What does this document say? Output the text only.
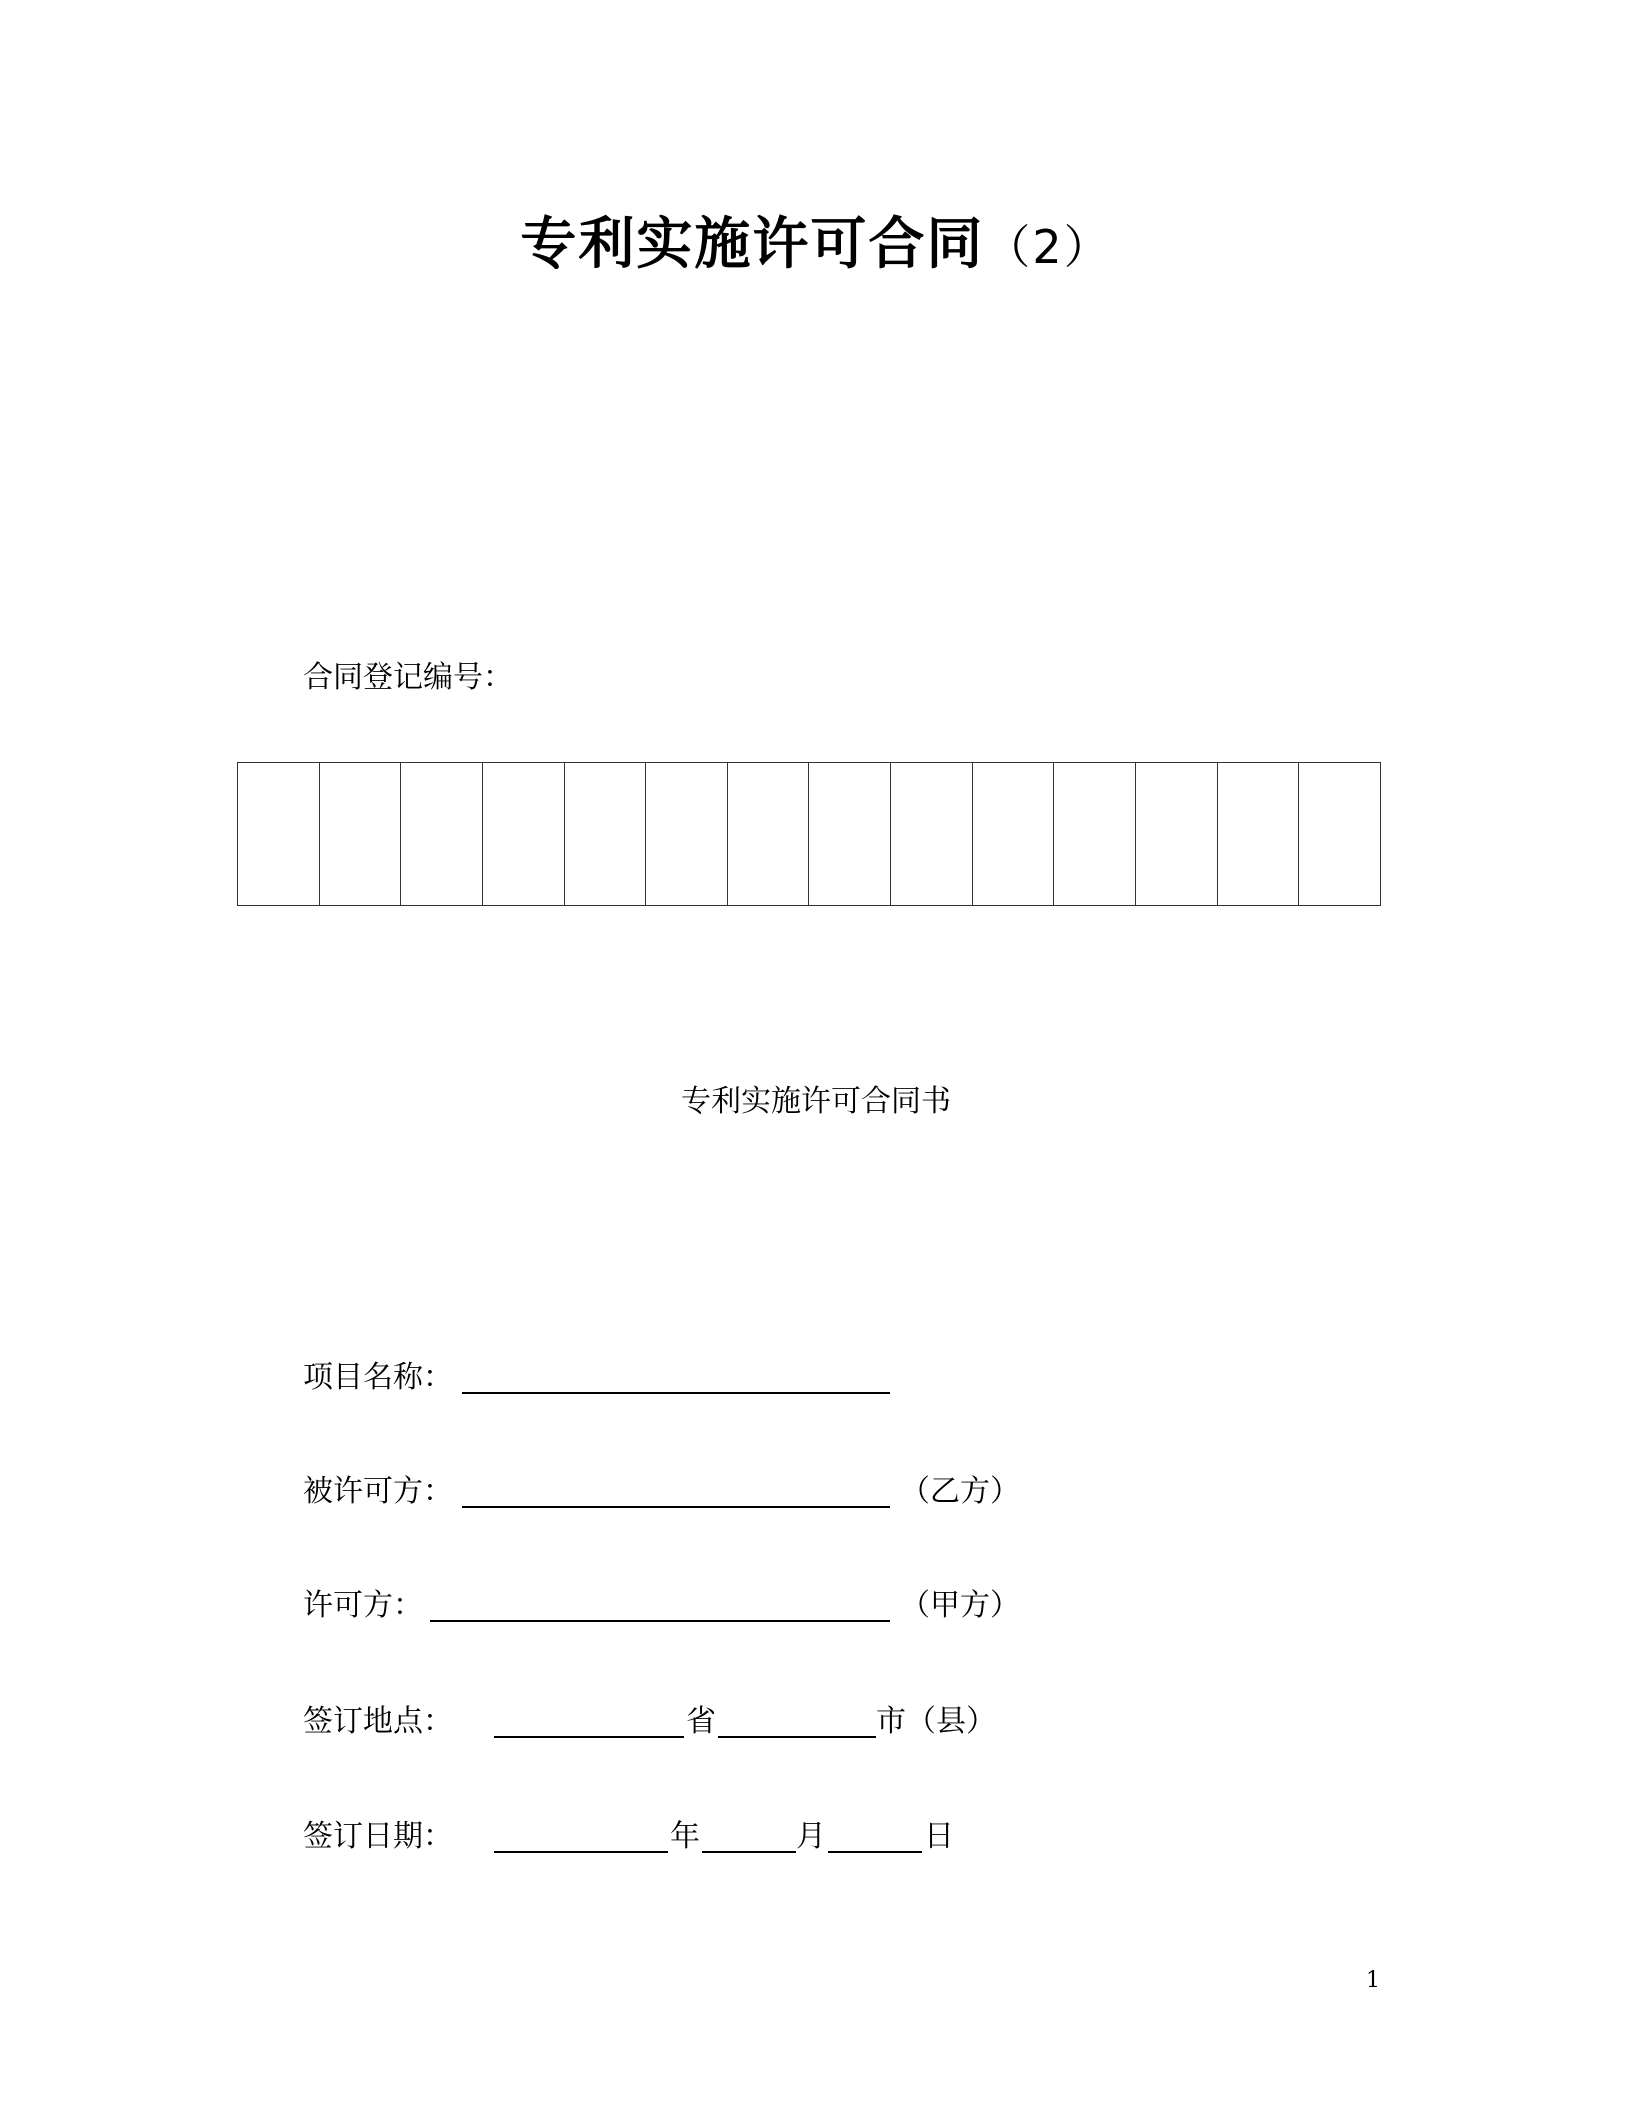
专利实施许可合同（2）
合同登记编号：
专利实施许可合同书
项目名称：
被许可方：	（乙方）
许可方：	（甲方）
签订地点：	省	市（县）
签订日期：	年	月	日
1
